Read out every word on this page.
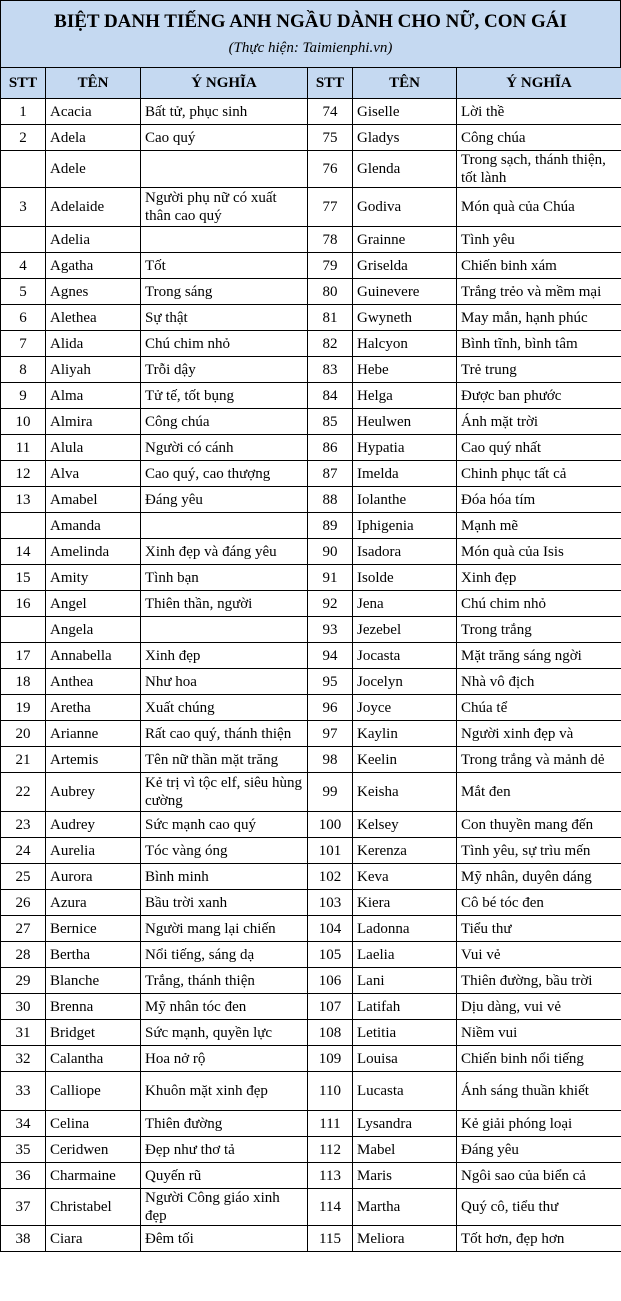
BIỆT DANH TIẾNG ANH NGẦU DÀNH CHO NỮ, CON GÁI
(Thực hiện: Taimienphi.vn)
STT	TÊN	Ý NGHĨA	STT	TÊN	Ý NGHĨA
1	Acacia	Bất tử, phục sinh	74	Giselle	Lời thề
2	Adela	Cao quý	75	Gladys	Công chúa
	Adele		76	Glenda	Trong sạch, thánh thiện, tốt lành
3	Adelaide	Người phụ nữ có xuất thân cao quý	77	Godiva	Món quà của Chúa
	Adelia		78	Grainne	Tình yêu
4	Agatha	Tốt	79	Griselda	Chiến binh xám
5	Agnes	Trong sáng	80	Guinevere	Trắng trẻo và mềm mại
6	Alethea	Sự thật	81	Gwyneth	May mắn, hạnh phúc
7	Alida	Chú chim nhỏ	82	Halcyon	Bình tĩnh, bình tâm
8	Aliyah	Trỗi dậy	83	Hebe	Trẻ trung
9	Alma	Tử tế, tốt bụng	84	Helga	Được ban phước
10	Almira	Công chúa	85	Heulwen	Ánh mặt trời
11	Alula	Người có cánh	86	Hypatia	Cao quý nhất
12	Alva	Cao quý, cao thượng	87	Imelda	Chinh phục tất cả
13	Amabel	Đáng yêu	88	Iolanthe	Đóa hóa tím
	Amanda		89	Iphigenia	Mạnh mẽ
14	Amelinda	Xinh đẹp và đáng yêu	90	Isadora	Món quà của Isis
15	Amity	Tình bạn	91	Isolde	Xinh đẹp
16	Angel	Thiên thần, người	92	Jena	Chú chim nhỏ
	Angela		93	Jezebel	Trong trắng
17	Annabella	Xinh đẹp	94	Jocasta	Mặt trăng sáng ngời
18	Anthea	Như hoa	95	Jocelyn	Nhà vô địch
19	Aretha	Xuất chúng	96	Joyce	Chúa tể
20	Arianne	Rất cao quý, thánh thiện	97	Kaylin	Người xinh đẹp và
21	Artemis	Tên nữ thần mặt trăng	98	Keelin	Trong trắng và mảnh dẻ
22	Aubrey	Kẻ trị vì tộc elf, siêu hùng cường	99	Keisha	Mắt đen
23	Audrey	Sức mạnh cao quý	100	Kelsey	Con thuyền mang đến
24	Aurelia	Tóc vàng óng	101	Kerenza	Tình yêu, sự trìu mến
25	Aurora	Bình minh	102	Keva	Mỹ nhân, duyên dáng
26	Azura	Bầu trời xanh	103	Kiera	Cô bé tóc đen
27	Bernice	Người mang lại chiến	104	Ladonna	Tiểu thư
28	Bertha	Nổi tiếng, sáng dạ	105	Laelia	Vui vẻ
29	Blanche	Trắng, thánh thiện	106	Lani	Thiên đường, bầu trời
30	Brenna	Mỹ nhân tóc đen	107	Latifah	Dịu dàng, vui vẻ
31	Bridget	Sức mạnh, quyền lực	108	Letitia	Niềm vui
32	Calantha	Hoa nở rộ	109	Louisa	Chiến binh nổi tiếng
33	Calliope	Khuôn mặt xinh đẹp	110	Lucasta	Ánh sáng thuần khiết
34	Celina	Thiên đường	111	Lysandra	Kẻ giải phóng loại
35	Ceridwen	Đẹp như thơ tả	112	Mabel	Đáng yêu
36	Charmaine	Quyến rũ	113	Maris	Ngôi sao của biển cả
37	Christabel	Người Công giáo xinh đẹp	114	Martha	Quý cô, tiểu thư
38	Ciara	Đêm tối	115	Meliora	Tốt hơn, đẹp hơn
